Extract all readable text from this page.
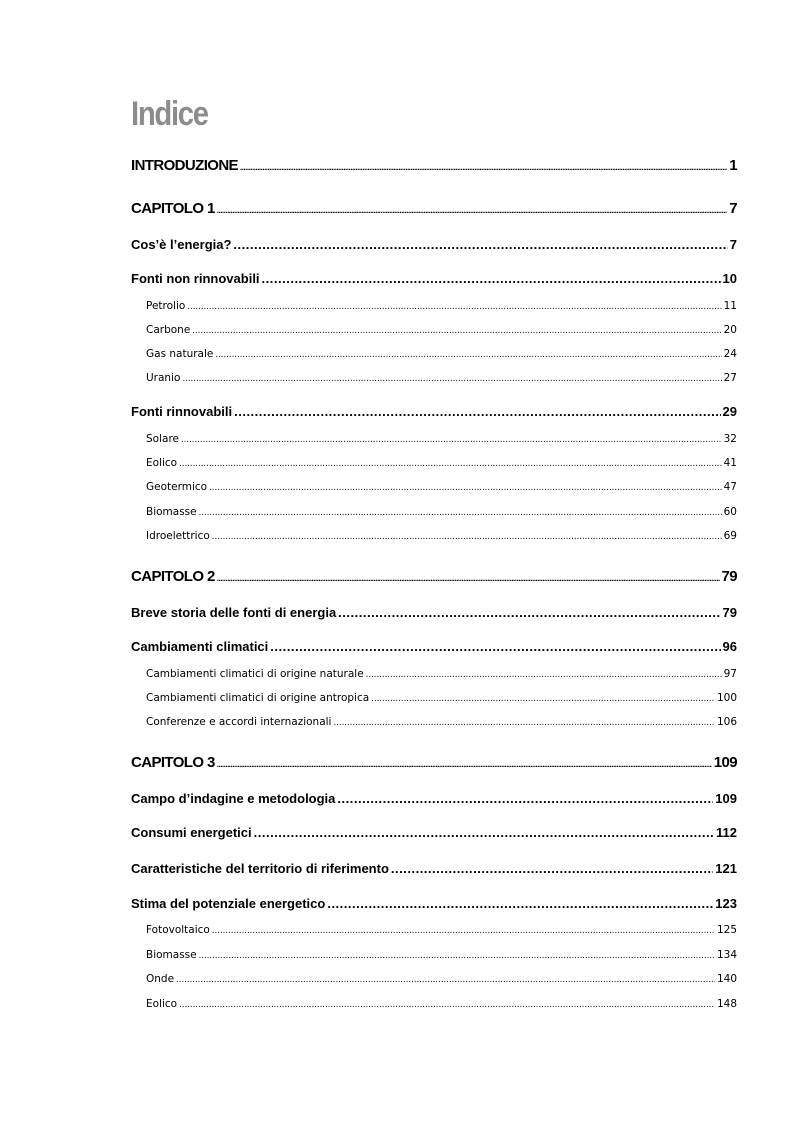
Indice
INTRODUZIONE .....	1
CAPITOLO 1 .....	7
Cos’è l’energia? .....	7
Fonti non rinnovabili .....	10
Petrolio .....	11
Carbone .....	20
Gas naturale .....	24
Uranio .....	27
Fonti rinnovabili .....	29
Solare .....	32
Eolico .....	41
Geotermico .....	47
Biomasse .....	60
Idroelettrico .....	69
CAPITOLO 2 .....	79
Breve storia delle fonti di energia .....	79
Cambiamenti climatici .....	96
Cambiamenti climatici di origine naturale .....	97
Cambiamenti climatici di origine antropica .....	100
Conferenze e accordi internazionali .....	106
CAPITOLO 3 .....	109
Campo d’indagine e metodologia .....	109
Consumi energetici .....	112
Caratteristiche del territorio di riferimento .....	121
Stima del potenziale energetico .....	123
Fotovoltaico .....	125
Biomasse .....	134
Onde .....	140
Eolico .....	148
